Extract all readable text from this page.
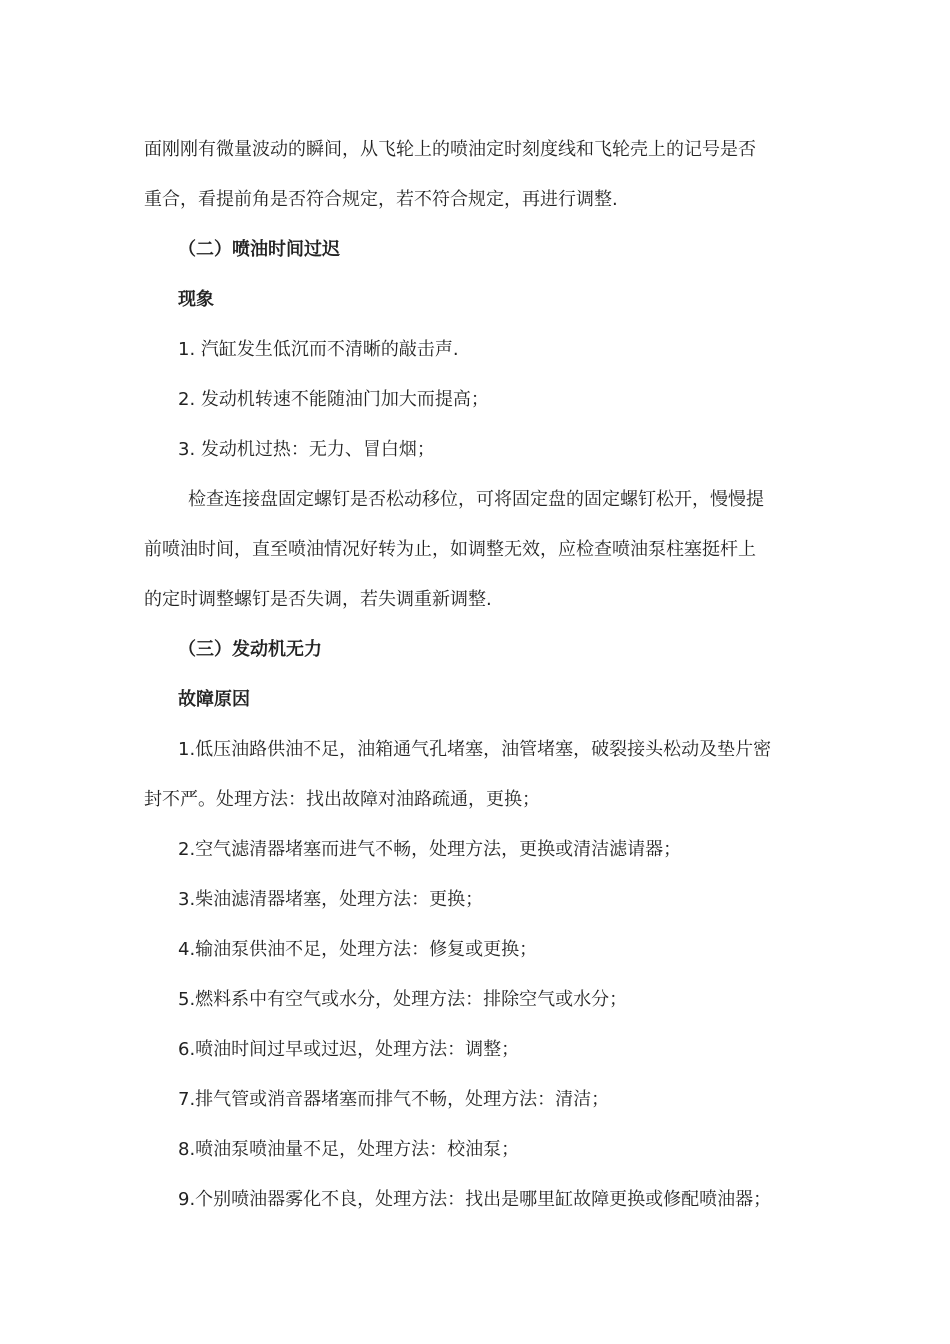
面刚刚有微量波动的瞬间，从飞轮上的喷油定时刻度线和飞轮壳上的记号是否
重合，看提前角是否符合规定，若不符合规定，再进行调整.
（二）喷油时间过迟
现象
1. 汽缸发生低沉而不清晰的敲击声.
2. 发动机转速不能随油门加大而提高；
3. 发动机过热：无力、冒白烟；
检查连接盘固定螺钉是否松动移位，可将固定盘的固定螺钉松开，慢慢提
前喷油时间，直至喷油情况好转为止，如调整无效，应检查喷油泵柱塞挺杆上
的定时调整螺钉是否失调，若失调重新调整.
（三）发动机无力
故障原因
1.低压油路供油不足，油箱通气孔堵塞，油管堵塞，破裂接头松动及垫片密
封不严。处理方法：找出故障对油路疏通，更换；
2.空气滤清器堵塞而进气不畅，处理方法，更换或清洁滤请器；
3.柴油滤清器堵塞，处理方法：更换；
4.输油泵供油不足，处理方法：修复或更换；
5.燃料系中有空气或水分，处理方法：排除空气或水分；
6.喷油时间过早或过迟，处理方法：调整；
7.排气管或消音器堵塞而排气不畅，处理方法：清洁；
8.喷油泵喷油量不足，处理方法：校油泵；
9.个别喷油器雾化不良，处理方法：找出是哪里缸故障更换或修配喷油器；
